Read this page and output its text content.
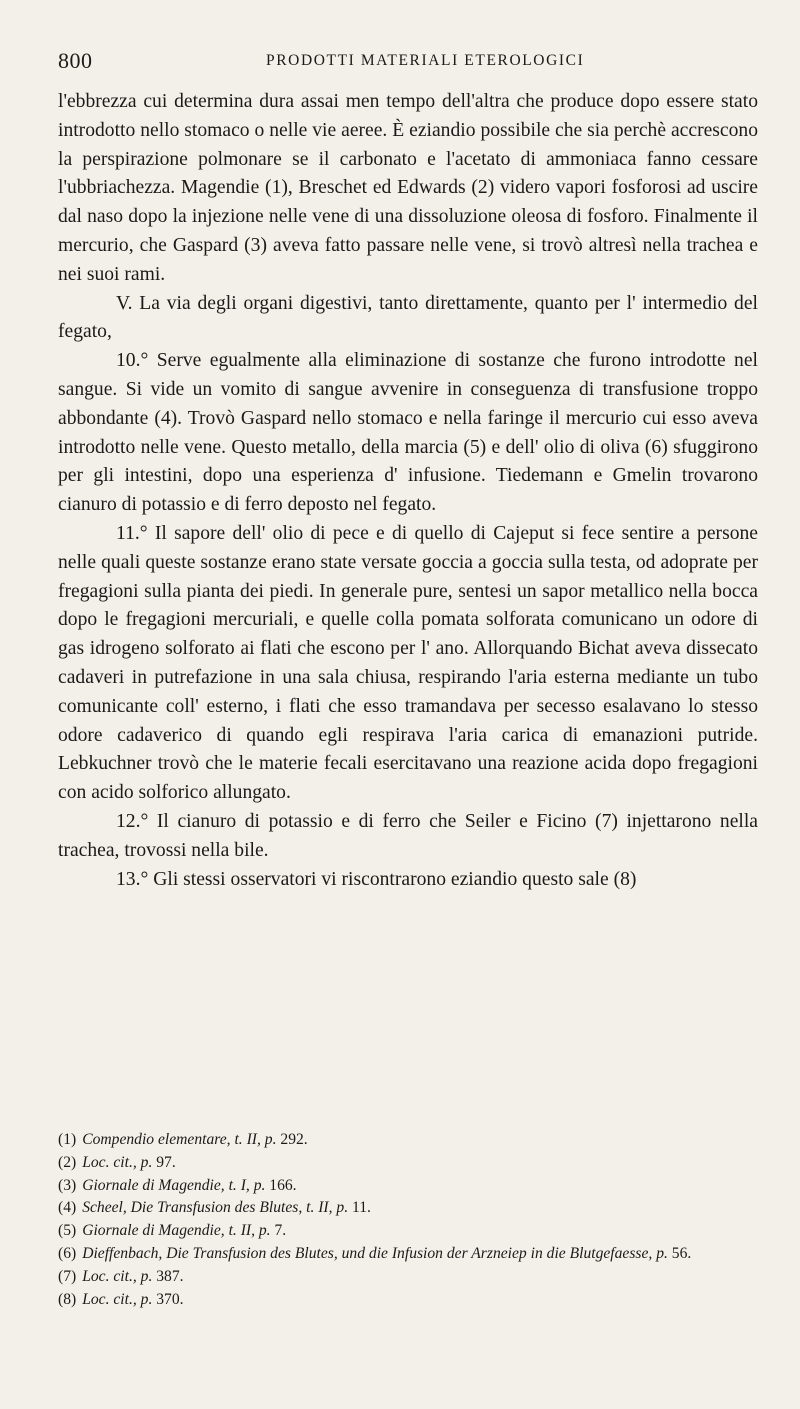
800	PRODOTTI MATERIALI ETEROLOGICI

l'ebbrezza cui determina dura assai men tempo dell'altra che produce dopo essere stato introdotto nello stomaco o nelle vie aeree. È eziandio possibile che sia perchè accrescono la perspirazione polmonare se il carbonato e l'acetato di ammoniaca fanno cessare l'ubbriachezza. Magendie (1), Breschet ed Edwards (2) videro vapori fosforosi ad uscire dal naso dopo la injezione nelle vene di una dissoluzione oleosa di fosforo. Finalmente il mercurio, che Gaspard (3) aveva fatto passare nelle vene, si trovò altresì nella trachea e nei suoi rami.

V. La via degli organi digestivi, tanto direttamente, quanto per l' intermedio del fegato,

10.° Serve egualmente alla eliminazione di sostanze che furono introdotte nel sangue. Si vide un vomito di sangue avvenire in conseguenza di transfusione troppo abbondante (4). Trovò Gaspard nello stomaco e nella faringe il mercurio cui esso aveva introdotto nelle vene. Questo metallo, della marcia (5) e dell' olio di oliva (6) sfuggirono per gli intestini, dopo una esperienza d' infusione. Tiedemann e Gmelin trovarono cianuro di potassio e di ferro deposto nel fegato.

11.° Il sapore dell' olio di pece e di quello di Cajeput si fece sentire a persone nelle quali queste sostanze erano state versate goccia a goccia sulla testa, od adoprate per fregagioni sulla pianta dei piedi. In generale pure, sentesi un sapor metallico nella bocca dopo le fregagioni mercuriali, e quelle colla pomata solforata comunicano un odore di gas idrogeno solforato ai flati che escono per l' ano. Allorquando Bichat aveva dissecato cadaveri in putrefazione in una sala chiusa, respirando l'aria esterna mediante un tubo comunicante coll' esterno, i flati che esso tramandava per secesso esalavano lo stesso odore cadaverico di quando egli respirava l'aria carica di emanazioni putride. Lebkuchner trovò che le materie fecali esercitavano una reazione acida dopo fregagioni con acido solforico allungato.

12.° Il cianuro di potassio e di ferro che Seiler e Ficino (7) injettarono nella trachea, trovossi nella bile.

13.° Gli stessi osservatori vi riscontrarono eziandio questo sale (8)

(1) Compendio elementare, t. II, p. 292.

(2) Loc. cit., p. 97.

(3) Giornale di Magendie, t. I, p. 166.

(4) Scheel, Die Transfusion des Blutes, t. II, p. 11.

(5) Giornale di Magendie, t. II, p. 7.

(6) Dieffenbach, Die Transfusion des Blutes, und die Infusion der Arzneiep in die Blutgefaesse, p. 56.

(7) Loc. cit., p. 387.

(8) Loc. cit., p. 370.
